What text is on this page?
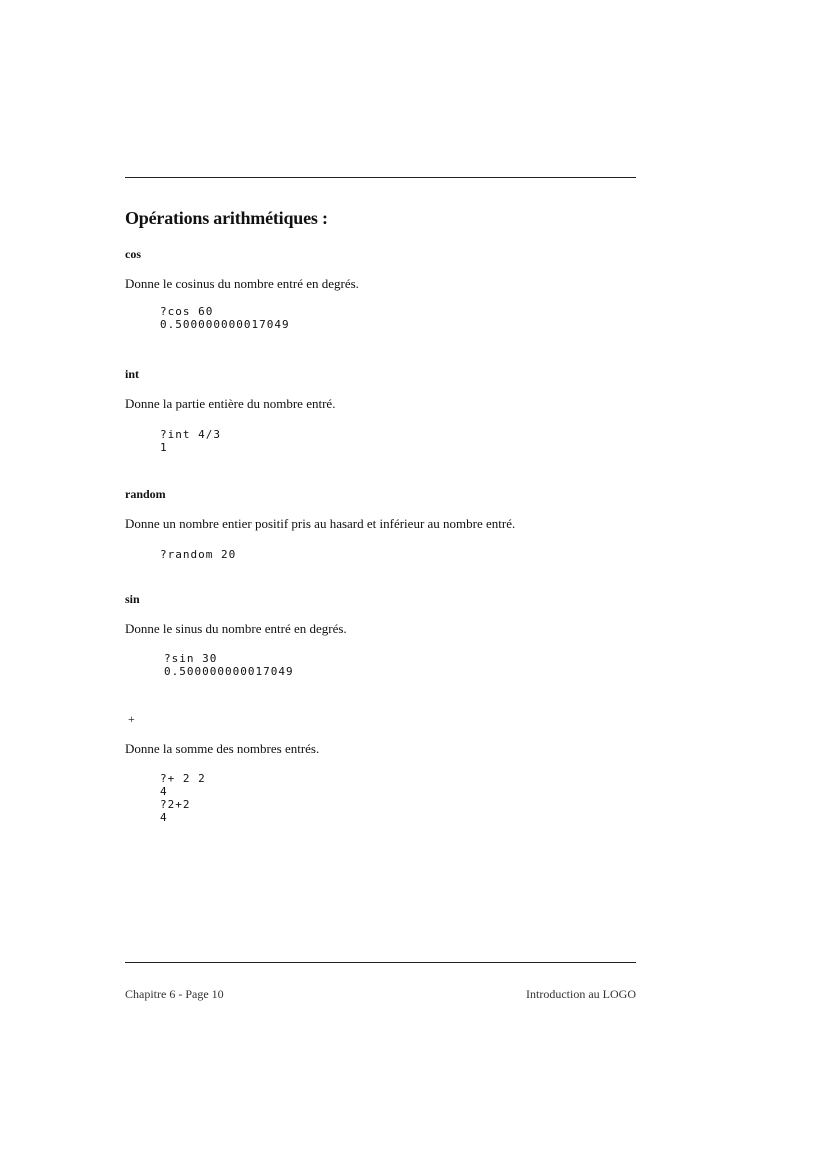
Opérations arithmétiques :
cos
Donne le cosinus du nombre entré en degrés.
?cos 60
0.500000000017049
int
Donne la partie entière du nombre entré.
?int 4/3
1
random
Donne un nombre entier positif pris au hasard et inférieur au nombre entré.
?random 20
sin
Donne le sinus du nombre entré en degrés.
?sin 30
0.500000000017049
+
Donne la somme des nombres entrés.
?+ 2 2
4
?2+2
4
Chapitre 6 - Page 10	Introduction au LOGO
